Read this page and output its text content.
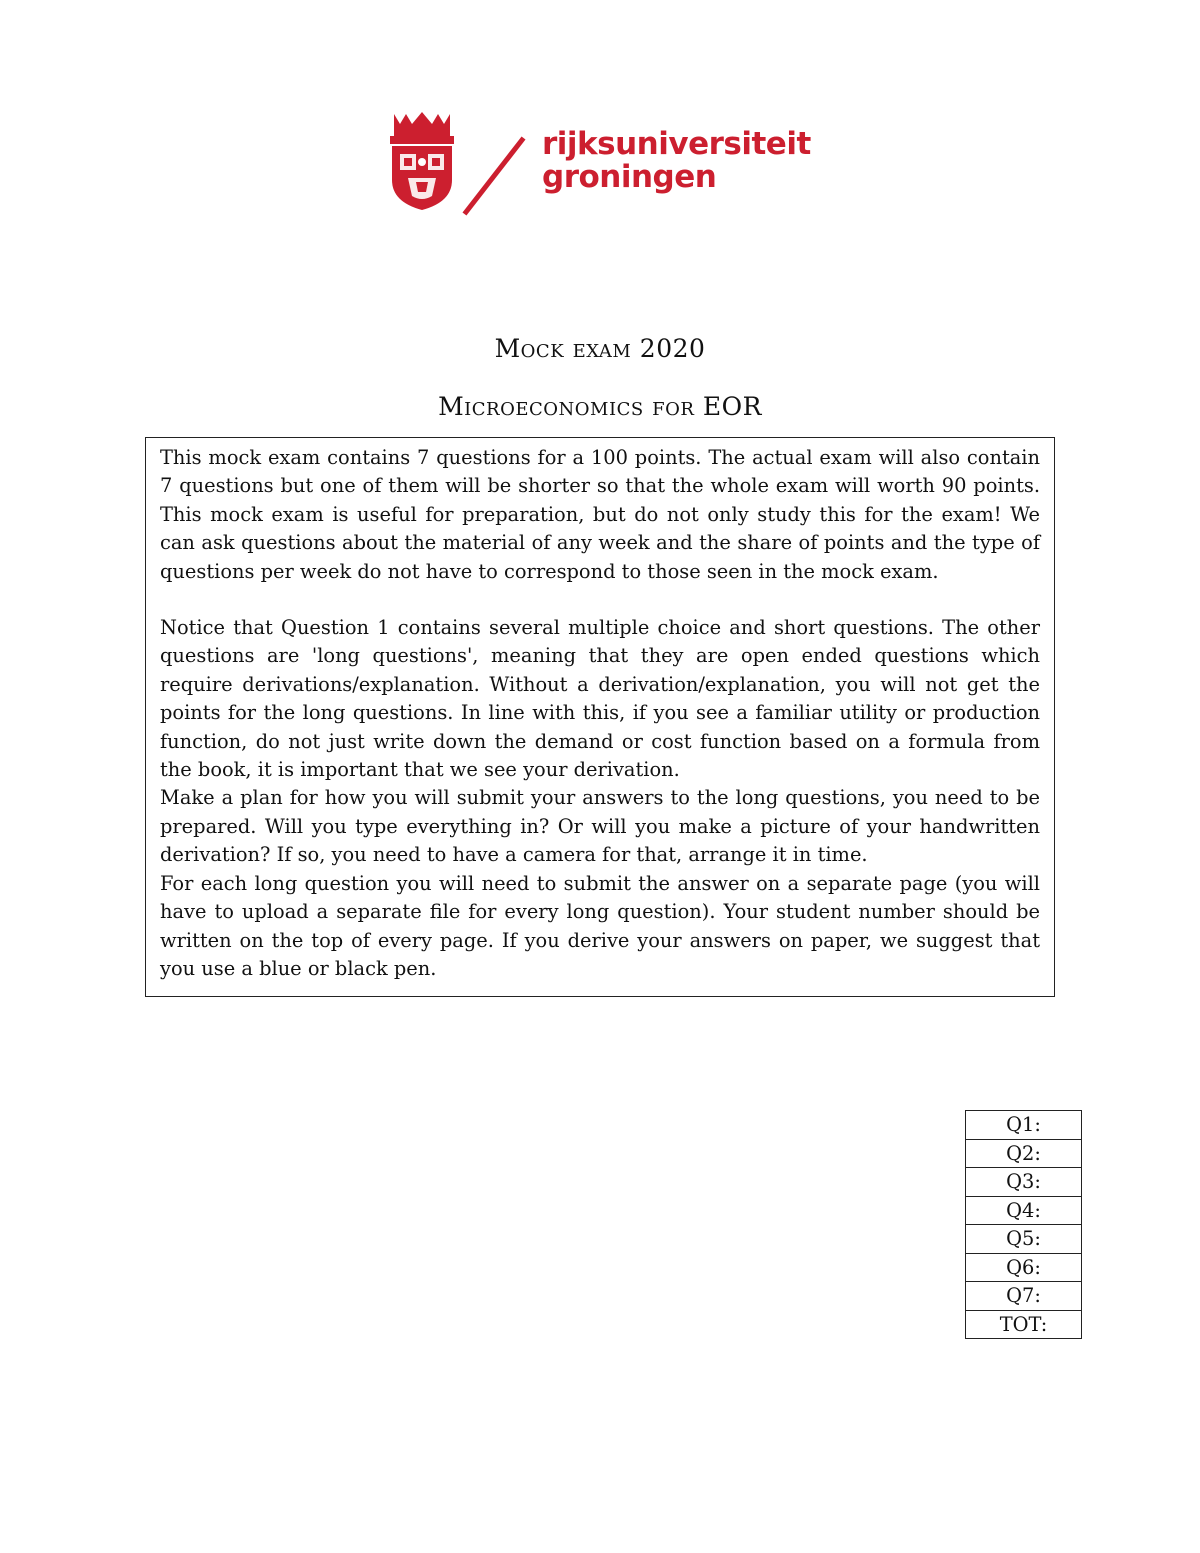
rijksuniversiteit
groningen
Mock exam 2020
Microeconomics for EOR

This mock exam contains 7 questions for a 100 points. The actual exam will also contain 7 questions but one of them will be shorter so that the whole exam will worth 90 points. This mock exam is useful for preparation, but do not only study this for the exam! We can ask questions about the material of any week and the share of points and the type of questions per week do not have to correspond to those seen in the mock exam.

Notice that Question 1 contains several multiple choice and short questions. The other questions are 'long questions', meaning that they are open ended questions which require derivations/explanation. Without a derivation/explanation, you will not get the points for the long questions. In line with this, if you see a familiar utility or production function, do not just write down the demand or cost function based on a formula from the book, it is important that we see your derivation.

Make a plan for how you will submit your answers to the long questions, you need to be prepared. Will you type everything in? Or will you make a picture of your handwritten derivation? If so, you need to have a camera for that, arrange it in time.

For each long question you will need to submit the answer on a separate page (you will have to upload a separate file for every long question). Your student number should be written on the top of every page. If you derive your answers on paper, we suggest that you use a blue or black pen.

Q1:
Q2:
Q3:
Q4:
Q5:
Q6:
Q7:
TOT:
